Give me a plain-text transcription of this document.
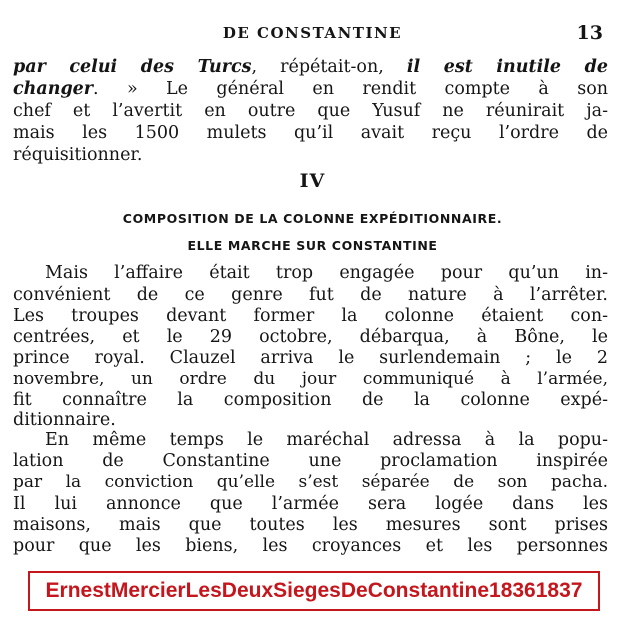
DE CONSTANTINE	13
par celui des Turcs, répétait-on, il est inutile de
changer. » Le général en rendit compte à son
chef et l’avertit en outre que Yusuf ne réunirait ja-
mais les 1500 mulets qu’il avait reçu l’ordre de
réquisitionner.
IV
COMPOSITION DE LA COLONNE EXPÉDITIONNAIRE.
ELLE MARCHE SUR CONSTANTINE
Mais l’affaire était trop engagée pour qu’un in-
convénient de ce genre fut de nature à l’arrêter.
Les troupes devant former la colonne étaient con-
centrées, et le 29 octobre, débarqua, à Bône, le
prince royal. Clauzel arriva le surlendemain ; le 2
novembre, un ordre du jour communiqué à l’armée,
fit connaître la composition de la colonne expé-
ditionnaire.
En même temps le maréchal adressa à la popu-
lation de Constantine une proclamation inspirée
par la conviction qu’elle s’est séparée de son pacha.
Il lui annonce que l’armée sera logée dans les
maisons, mais que toutes les mesures sont prises
pour que les biens, les croyances et les personnes
ErnestMercierLesDeuxSiegesDeConstantine18361837
